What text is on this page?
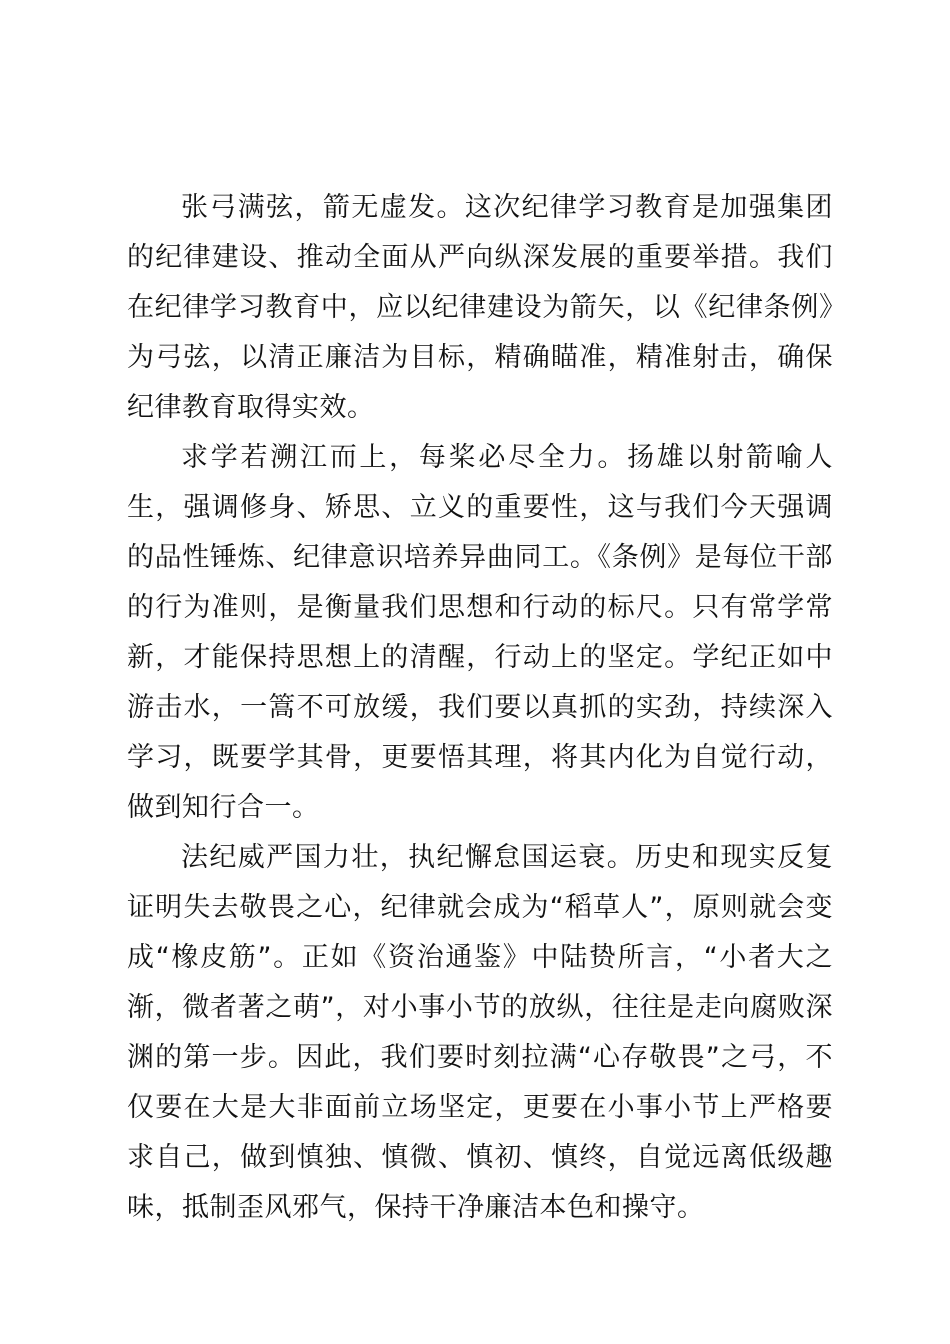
张弓满弦，箭无虚发。这次纪律学习教育是加强集团的纪律建设、推动全面从严向纵深发展的重要举措。我们在纪律学习教育中，应以纪律建设为箭矢，以《纪律条例》为弓弦，以清正廉洁为目标，精确瞄准，精准射击，确保纪律教育取得实效。

求学若溯江而上，每桨必尽全力。扬雄以射箭喻人生，强调修身、矫思、立义的重要性，这与我们今天强调的品性锤炼、纪律意识培养异曲同工。《条例》是每位干部的行为准则，是衡量我们思想和行动的标尺。只有常学常新，才能保持思想上的清醒，行动上的坚定。学纪正如中游击水，一篙不可放缓，我们要以真抓的实劲，持续深入学习，既要学其骨，更要悟其理，将其内化为自觉行动，做到知行合一。

法纪威严国力壮，执纪懈怠国运衰。历史和现实反复证明失去敬畏之心，纪律就会成为“稻草人”，原则就会变成“橡皮筋”。正如《资治通鉴》中陆贽所言，“小者大之渐，微者著之萌”，对小事小节的放纵，往往是走向腐败深渊的第一步。因此，我们要时刻拉满“心存敬畏”之弓，不仅要在大是大非面前立场坚定，更要在小事小节上严格要求自己，做到慎独、慎微、慎初、慎终，自觉远离低级趣味，抵制歪风邪气，保持干净廉洁本色和操守。
